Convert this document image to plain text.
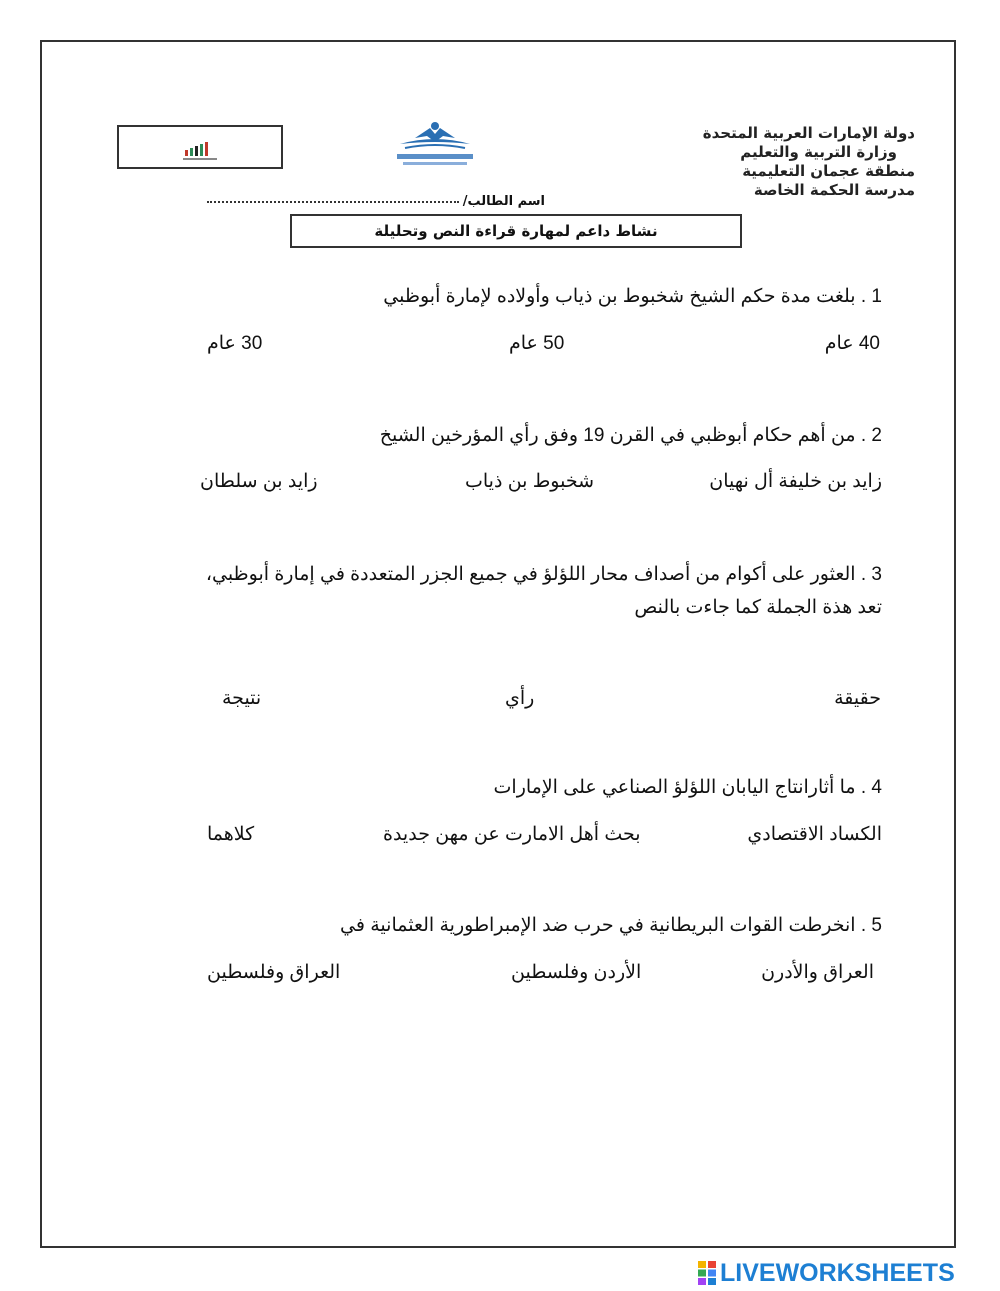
دولة الإمارات العربية المتحدة
وزارة التربية والتعليم
منطقة عجمان التعليمية
مدرسة الحكمة الخاصة
اسم الطالب/
نشاط داعم لمهارة قراءة النص وتحليلة
1 . بلغت مدة حكم الشيخ شخبوط بن ذياب وأولاده لإمارة أبوظبي
40 عام
50 عام
30 عام
2 . من أهم حكام أبوظبي في القرن 19 وفق رأي المؤرخين الشيخ
زايد بن خليفة أل نهيان
شخبوط بن ذياب
زايد بن سلطان
3 . العثور على أكوام من أصداف محار اللؤلؤ في جميع الجزر المتعددة في إمارة أبوظبي،
تعد هذة الجملة كما جاءت بالنص
حقيقة
رأي
نتيجة
4 . ما أثارانتاج اليابان اللؤلؤ الصناعي على الإمارات
الكساد الاقتصادي
بحث أهل الامارت عن مهن جديدة
كلاهما
5 . انخرطت القوات البريطانية في حرب ضد الإمبراطورية العثمانية في
العراق والأدرن
الأردن وفلسطين
العراق وفلسطين
LIVEWORKSHEETS
